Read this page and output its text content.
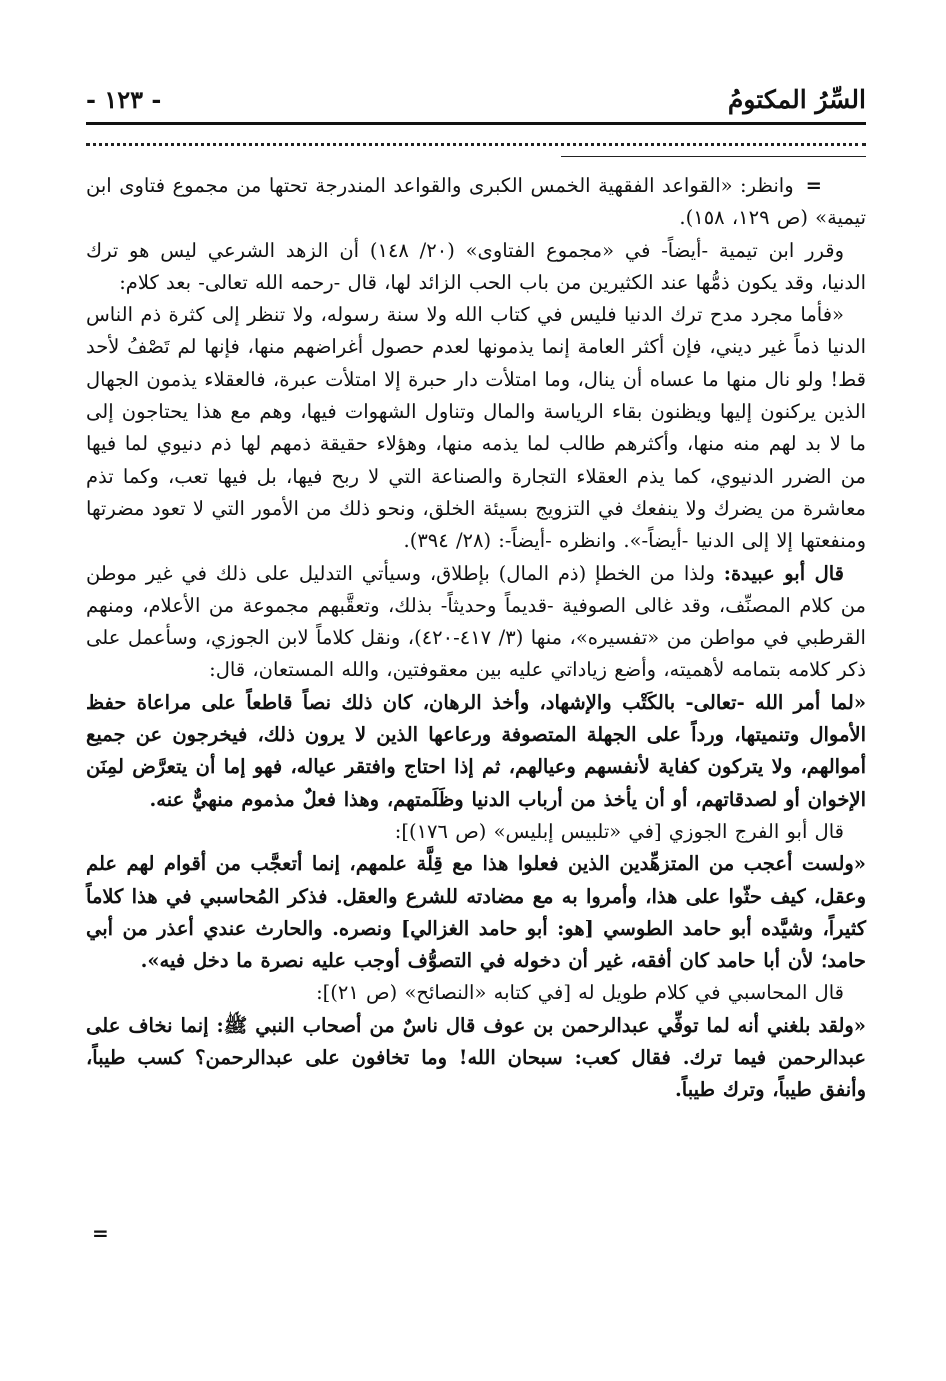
السِّرُ المكتومُ
- ١٢٣ -

=وانظر: «القواعد الفقهية الخمس الكبرى والقواعد المندرجة تحتها من مجموع فتاوى ابن تيمية» (ص ١٢٩، ١٥٨).

وقرر ابن تيمية -أيضاً- في «مجموع الفتاوى» (٢٠/ ١٤٨) أن الزهد الشرعي ليس هو ترك الدنيا، وقد يكون ذمُّها عند الكثيرين من باب الحب الزائد لها، قال -رحمه الله تعالى- بعد كلام:

«فأما مجرد مدح ترك الدنيا فليس في كتاب الله ولا سنة رسوله، ولا تنظر إلى كثرة ذم الناس الدنيا ذماً غير ديني، فإن أكثر العامة إنما يذمونها لعدم حصول أغراضهم منها، فإنها لم تَصْفُ لأحد قط! ولو نال منها ما عساه أن ينال، وما امتلأت دار حبرة إلا امتلأت عبرة، فالعقلاء يذمون الجهال الذين يركنون إليها ويظنون بقاء الرياسة والمال وتناول الشهوات فيها، وهم مع هذا يحتاجون إلى ما لا بد لهم منه منها، وأكثرهم طالب لما يذمه منها، وهؤلاء حقيقة ذمهم لها ذم دنيوي لما فيها من الضرر الدنيوي، كما يذم العقلاء التجارة والصناعة التي لا ربح فيها، بل فيها تعب، وكما تذم معاشرة من يضرك ولا ينفعك في التزويج بسيئة الخلق، ونحو ذلك من الأمور التي لا تعود مضرتها ومنفعتها إلا إلى الدنيا -أيضاً-». وانظره -أيضاً-: (٢٨/ ٣٩٤).

قال أبو عبيدة: ولذا من الخطإ (ذم المال) بإطلاق، وسيأتي التدليل على ذلك في غير موطن من كلام المصنِّف، وقد غالى الصوفية -قديماً وحديثاً- بذلك، وتعقَّبهم مجموعة من الأعلام، ومنهم القرطبي في مواطن من «تفسيره»، منها (٣/ ٤١٧-٤٢٠)، ونقل كلاماً لابن الجوزي، وسأعمل على ذكر كلامه بتمامه لأهميته، وأضع زياداتي عليه بين معقوفتين، والله المستعان، قال:

«لما أمر الله -تعالى- بالكَتْب والإشهاد، وأخذ الرهان، كان ذلك نصاً قاطعاً على مراعاة حفظ الأموال وتنميتها، ورداً على الجهلة المتصوفة ورعاعها الذين لا يرون ذلك، فيخرجون عن جميع أموالهم، ولا يتركون كفاية لأنفسهم وعيالهم، ثم إذا احتاج وافتقر عياله، فهو إما أن يتعرَّض لمِنَن الإخوان أو لصدقاتهم، أو أن يأخذ من أرباب الدنيا وظَلَمتهم، وهذا فعلٌ مذموم منهيٌّ عنه.

قال أبو الفرج الجوزي [في «تلبيس إبليس» (ص ١٧٦)]:

«ولست أعجب من المتزهِّدين الذين فعلوا هذا مع قِلَّة علمهم، إنما أتعجَّب من أقوام لهم علم وعقل، كيف حثّوا على هذا، وأمروا به مع مضادته للشرع والعقل. فذكر المُحاسبي في هذا كلاماً كثيراً، وشيَّده أبو حامد الطوسي [هو: أبو حامد الغزالي] ونصره. والحارث عندي أعذر من أبي حامد؛ لأن أبا حامد كان أفقه، غير أن دخوله في التصوُّف أوجب عليه نصرة ما دخل فيه».

قال المحاسبي في كلام طويل له [في كتابه «النصائح» (ص ٢١)]:

«ولقد بلغني أنه لما توفِّي عبدالرحمن بن عوف قال ناسٌ من أصحاب النبي ﷺ: إنما نخاف على عبدالرحمن فيما ترك. فقال كعب: سبحان الله! وما تخافون على عبدالرحمن؟ كسب طيباً، وأنفق طيباً، وترك طيباً.

=
